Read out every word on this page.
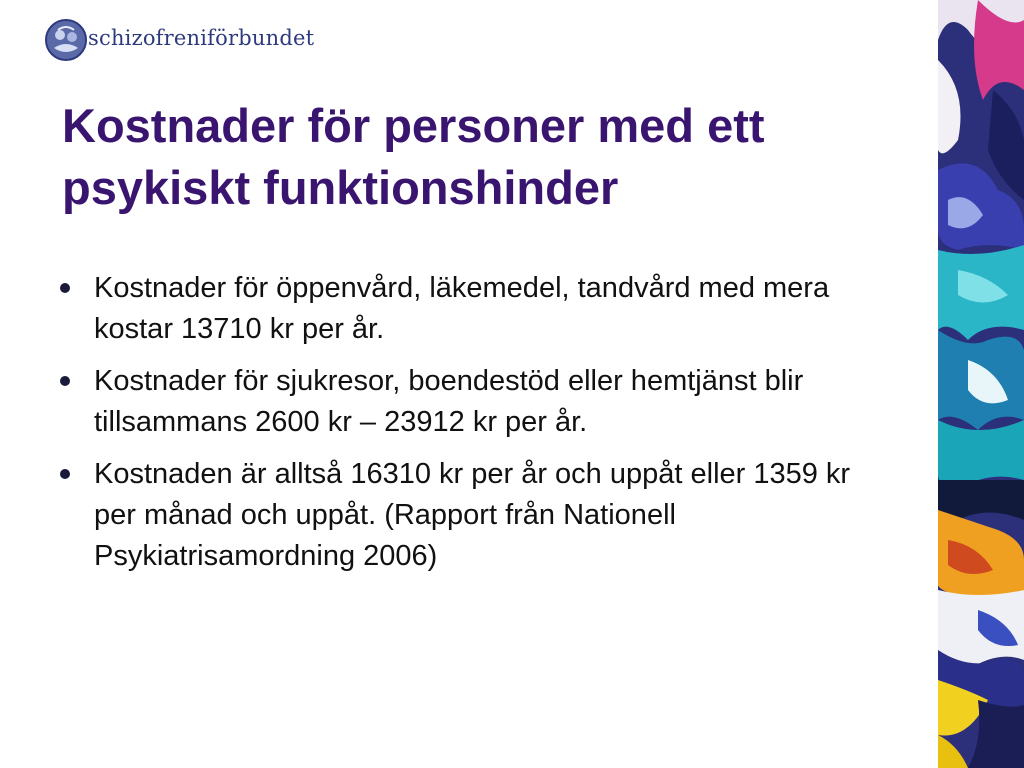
schizofreniförbundet
Kostnader för personer med ett psykiskt funktionshinder
Kostnader för öppenvård, läkemedel, tandvård med mera kostar 13710 kr per år.
Kostnader för sjukresor, boendestöd eller hemtjänst blir tillsammans 2600 kr – 23912 kr per år.
Kostnaden är alltså 16310 kr per år och uppåt eller 1359 kr per månad och uppåt. (Rapport från Nationell Psykiatrisamordning 2006)
